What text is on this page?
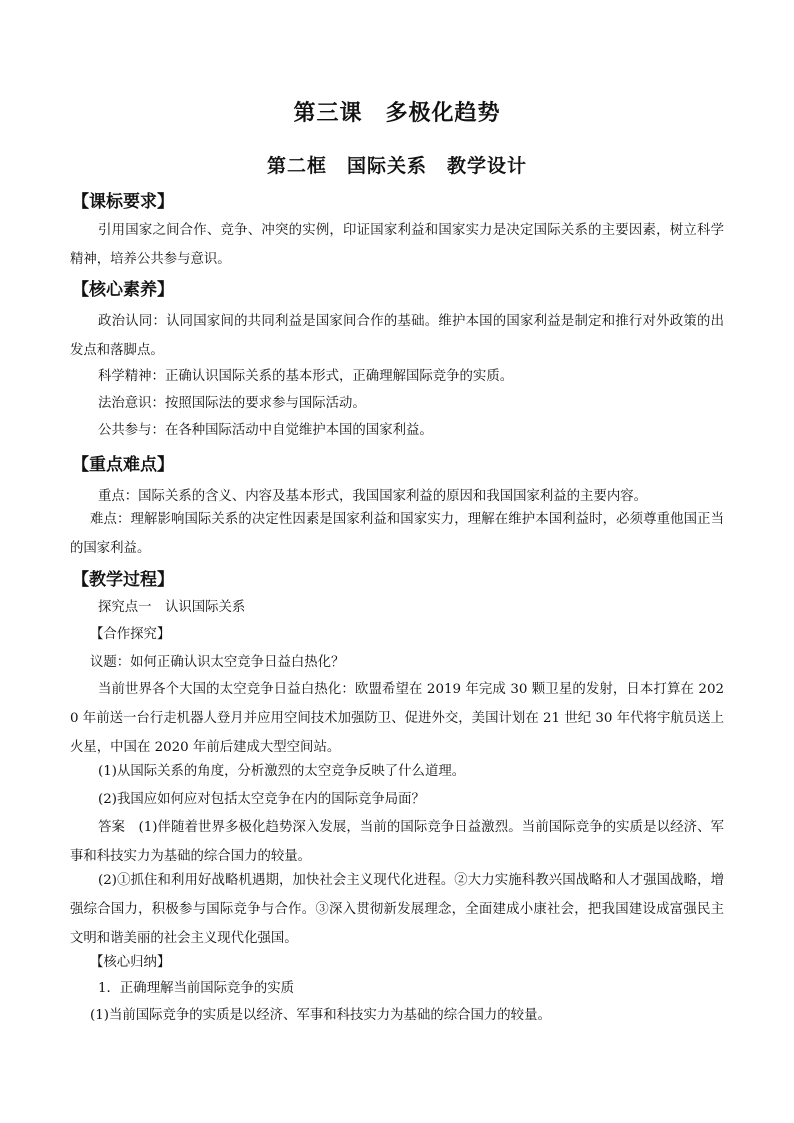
第三课　多极化趋势
第二框　国际关系　教学设计
【课标要求】
引用国家之间合作、竞争、冲突的实例，印证国家利益和国家实力是决定国际关系的主要因素，树立科学精神，培养公共参与意识。
【核心素养】
政治认同：认同国家间的共同利益是国家间合作的基础。维护本国的国家利益是制定和推行对外政策的出发点和落脚点。
科学精神：正确认识国际关系的基本形式，正确理解国际竞争的实质。
法治意识：按照国际法的要求参与国际活动。
公共参与：在各种国际活动中自觉维护本国的国家利益。
【重点难点】
重点：国际关系的含义、内容及基本形式，我国国家利益的原因和我国国家利益的主要内容。
难点：理解影响国际关系的决定性因素是国家利益和国家实力，理解在维护本国利益时，必须尊重他国正当的国家利益。
【教学过程】
探究点一　认识国际关系
【合作探究】
议题：如何正确认识太空竞争日益白热化？
当前世界各个大国的太空竞争日益白热化：欧盟希望在 2019 年完成 30 颗卫星的发射，日本打算在 2020 年前送一台行走机器人登月并应用空间技术加强防卫、促进外交，美国计划在 21 世纪 30 年代将宇航员送上火星，中国在 2020 年前后建成大型空间站。
(1)从国际关系的角度，分析激烈的太空竞争反映了什么道理。
(2)我国应如何应对包括太空竞争在内的国际竞争局面？
答案　(1)伴随着世界多极化趋势深入发展，当前的国际竞争日益激烈。当前国际竞争的实质是以经济、军事和科技实力为基础的综合国力的较量。
(2)①抓住和利用好战略机遇期，加快社会主义现代化进程。②大力实施科教兴国战略和人才强国战略，增强综合国力，积极参与国际竞争与合作。③深入贯彻新发展理念，全面建成小康社会，把我国建设成富强民主文明和谐美丽的社会主义现代化强国。
【核心归纳】
1．正确理解当前国际竞争的实质
(1)当前国际竞争的实质是以经济、军事和科技实力为基础的综合国力的较量。
